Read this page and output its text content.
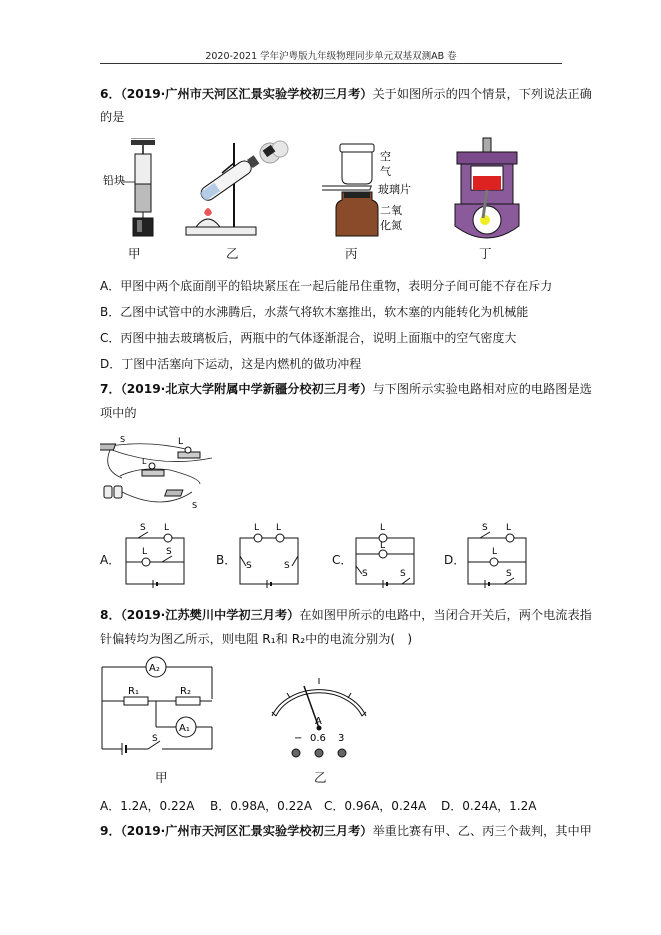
2020-2021 学年沪粤版九年级物理同步单元双基双测AB 卷
6．（2019·广州市天河区汇景实验学校初三月考）关于如图所示的四个情景，下列说法正确
的是
铅块
甲	乙
空
气
玻璃片
二氧
化氮
丙	丁
A．甲图中两个底面削平的铅块紧压在一起后能吊住重物，表明分子间可能不存在斥力
B．乙图中试管中的水沸腾后，水蒸气将软木塞推出，软木塞的内能转化为机械能
C．丙图中抽去玻璃板后，两瓶中的气体逐渐混合，说明上面瓶中的空气密度大
D．丁图中活塞向下运动，这是内燃机的做功冲程
7．（2019·北京大学附属中学新疆分校初三月考）与下图所示实验电路相对应的电路图是选
项中的
S	L
L
S
A．
S L
L S
B．
L L
S	S	C．
L
L
S	S
D．
S L
L
S
8．（2019·江苏樊川中学初三月考）在如图甲所示的电路中，当闭合开关后，两个电流表指
针偏转均为图乙所示，则电阻 R₁和 R₂中的电流分别为(　)
A₂
R₁	R₂
A₁
S
甲
A
− 0.6 3
乙
A．1.2A，0.22A B．0.98A，0.22A C．0.96A，0.24A D．0.24A，1.2A
9．（2019·广州市天河区汇景实验学校初三月考）举重比赛有甲、乙、丙三个裁判，其中甲
